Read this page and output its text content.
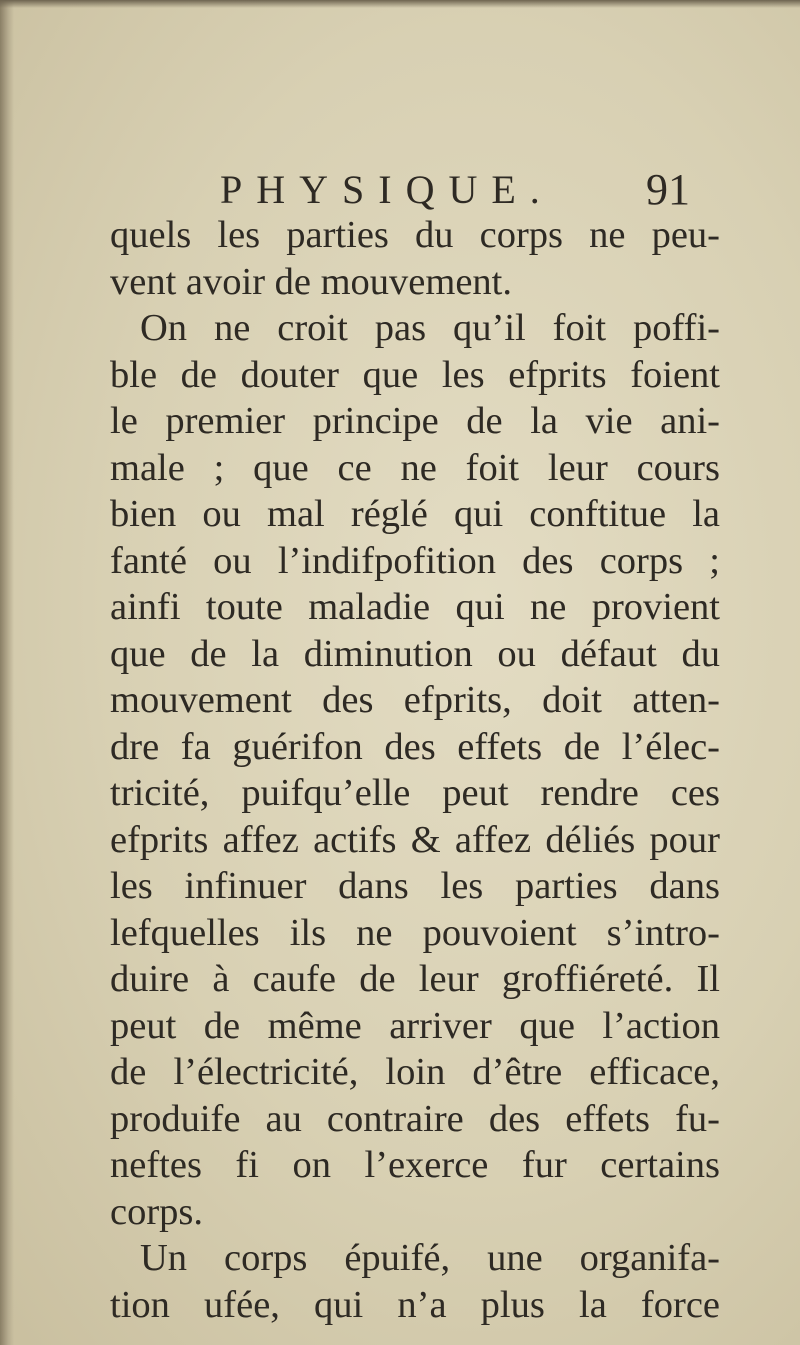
PHYSIQUE. 91
quels les parties du corps ne peu-
vent avoir de mouvement.
On ne croit pas qu’il foit poffi-
ble de douter que les efprits foient
le premier principe de la vie ani-
male ; que ce ne foit leur cours
bien ou mal réglé qui conftitue la
fanté ou l’indifpofition des corps ;
ainfi toute maladie qui ne provient
que de la diminution ou défaut du
mouvement des efprits, doit atten-
dre fa guérifon des effets de l’élec-
tricité, puifqu’elle peut rendre ces
efprits affez actifs & affez déliés pour
les infinuer dans les parties dans
lefquelles ils ne pouvoient s’intro-
duire à caufe de leur groffiéreté. Il
peut de même arriver que l’action
de l’électricité, loin d’être efficace,
produife au contraire des effets fu-
neftes fi on l’exerce fur certains
corps.
Un corps épuifé, une organifa-
tion ufée, qui n’a plus la force
